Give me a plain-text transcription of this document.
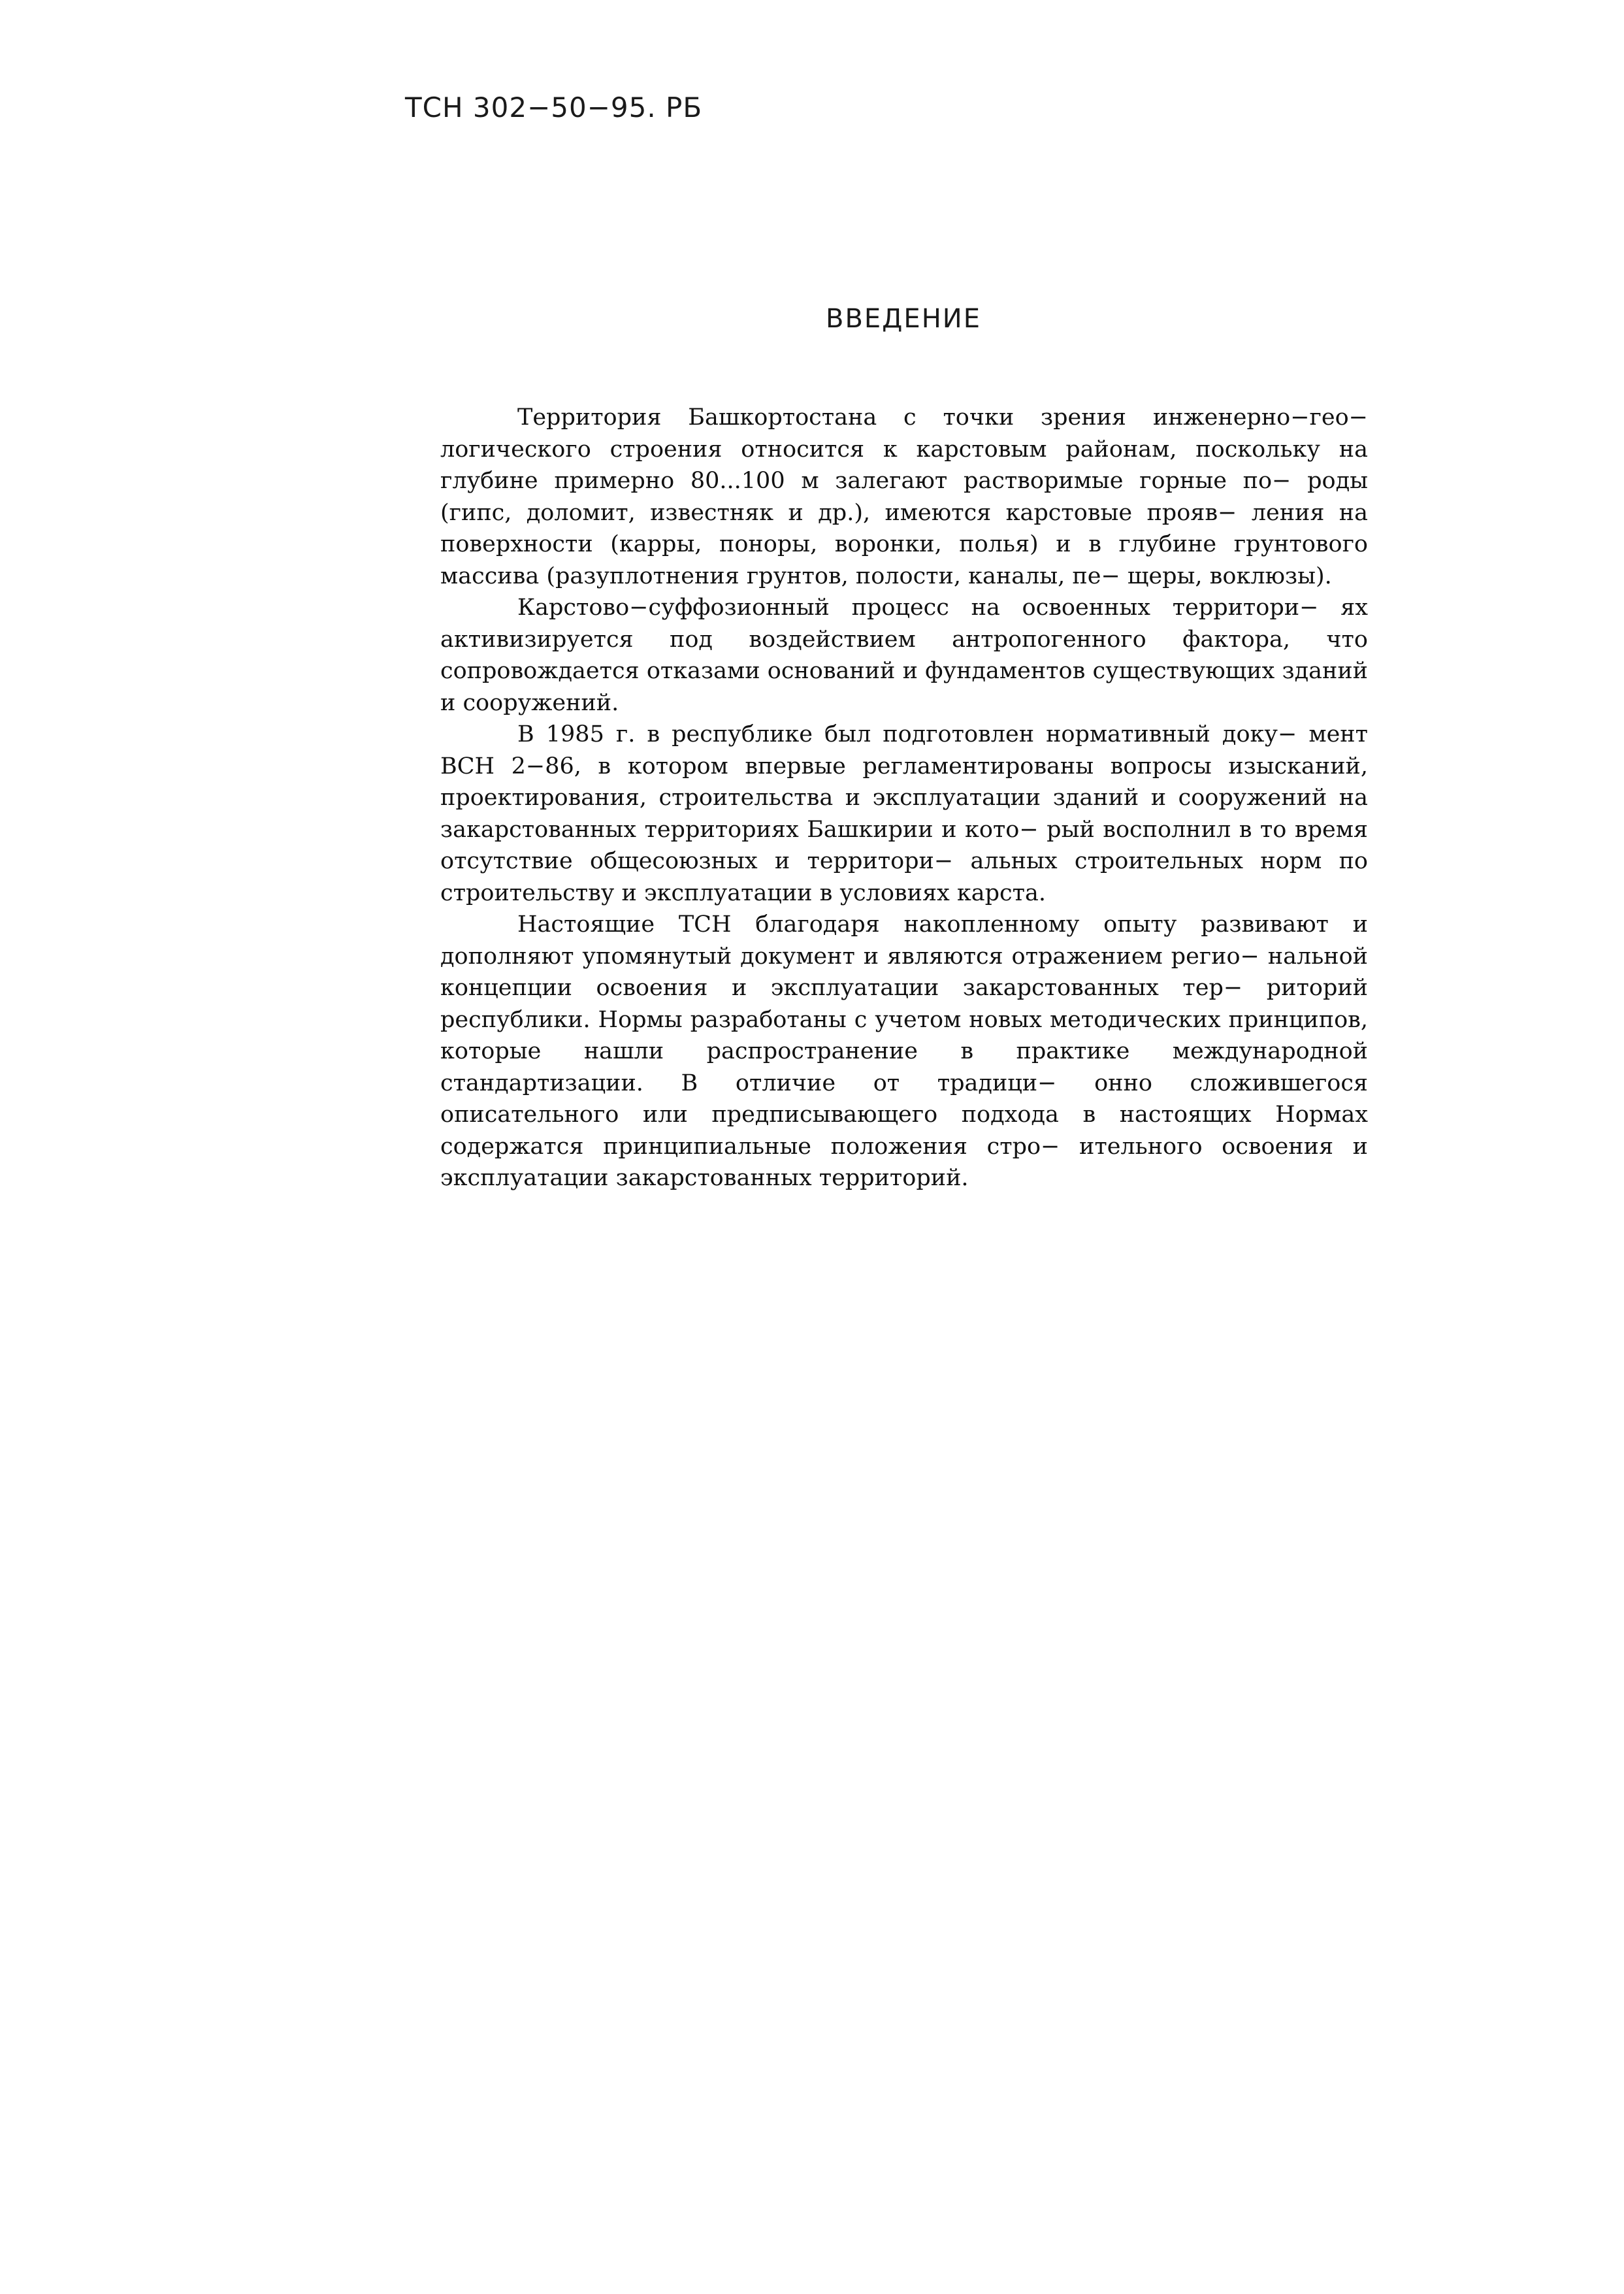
ТСН 302−50−95. РБ
ВВЕДЕНИЕ

Территория Башкортостана с точки зрения инженерно−гео− логического строения относится к карстовым районам, поскольку на глубине примерно 80...100 м залегают растворимые горные по− роды (гипс, доломит, известняк и др.), имеются карстовые прояв− ления на поверхности (карры, поноры, воронки, полья) и в глубине грунтового массива (разуплотнения грунтов, полости, каналы, пе− щеры, воклюзы).

Карстово−суффозионный процесс на освоенных территори− ях активизируется под воздействием антропогенного фактора, что сопровождается отказами оснований и фундаментов существующих зданий и сооружений.

В 1985 г. в республике был подготовлен нормативный доку− мент ВСН 2−86, в котором впервые регламентированы вопросы изысканий, проектирования, строительства и эксплуатации зданий и сооружений на закарстованных территориях Башкирии и кото− рый восполнил в то время отсутствие общесоюзных и территори− альных строительных норм по строительству и эксплуатации в условиях карста.

Настоящие ТСН благодаря накопленному опыту развивают и дополняют упомянутый документ и являются отражением регио− нальной концепции освоения и эксплуатации закарстованных тер− риторий республики. Нормы разработаны с учетом новых методических принципов, которые нашли распространение в практике международной стандартизации. В отличие от традици− онно сложившегося описательного или предписывающего подхода в настоящих Нормах содержатся принципиальные положения стро− ительного освоения и эксплуатации закарстованных территорий.
